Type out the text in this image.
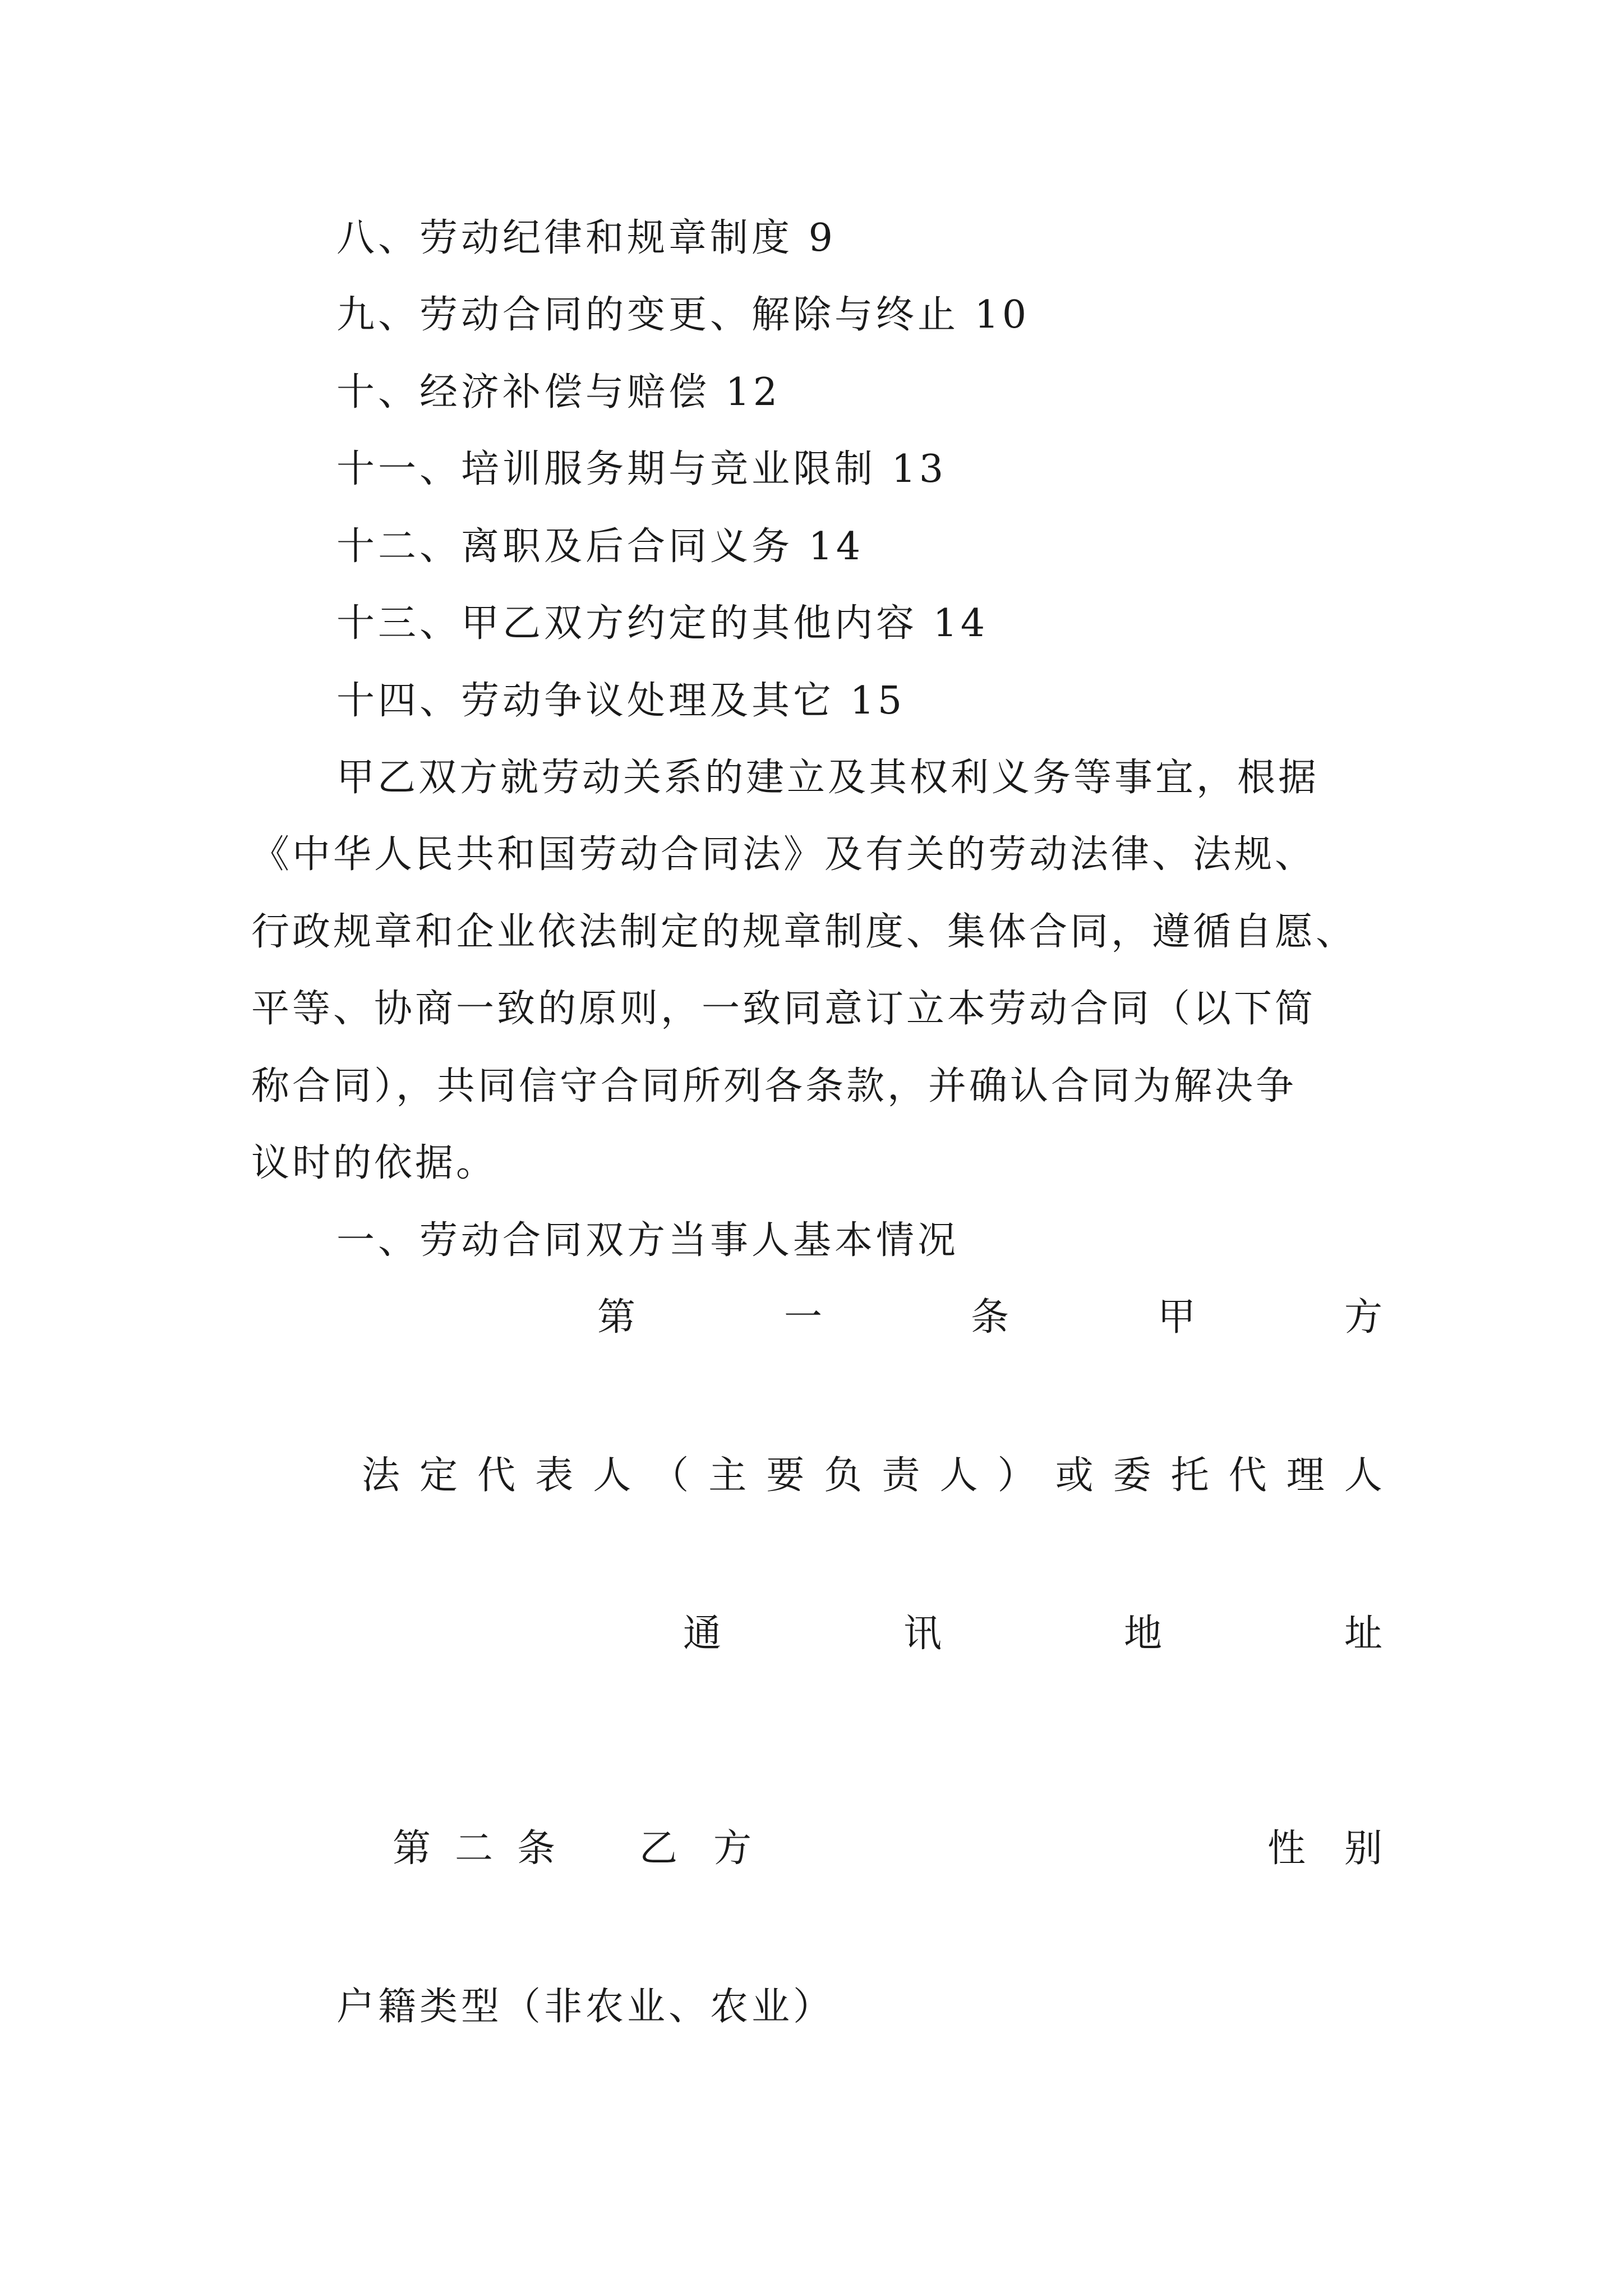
八、劳动纪律和规章制度 9

九、劳动合同的变更、解除与终止 10

十、经济补偿与赔偿 12

十一、培训服务期与竞业限制 13

十二、离职及后合同义务 14

十三、甲乙双方约定的其他内容 14

十四、劳动争议处理及其它 15

甲乙双方就劳动关系的建立及其权利义务等事宜，根据

《中华人民共和国劳动合同法》及有关的劳动法律、法规、

行政规章和企业依法制定的规章制度、集体合同，遵循自愿、

平等、协商一致的原则，一致同意订立本劳动合同（以下简

称合同），共同信守合同所列各条款，并确认合同为解决争

议时的依据。

一、劳动合同双方当事人基本情况

第	一	条	甲	方
法 定 代 表 人 （ 主 要 负 责 人 ） 或 委 托 代 理 人
通	讯	地	址
第 二 条 乙 方	性 别

户籍类型（非农业、农业）
